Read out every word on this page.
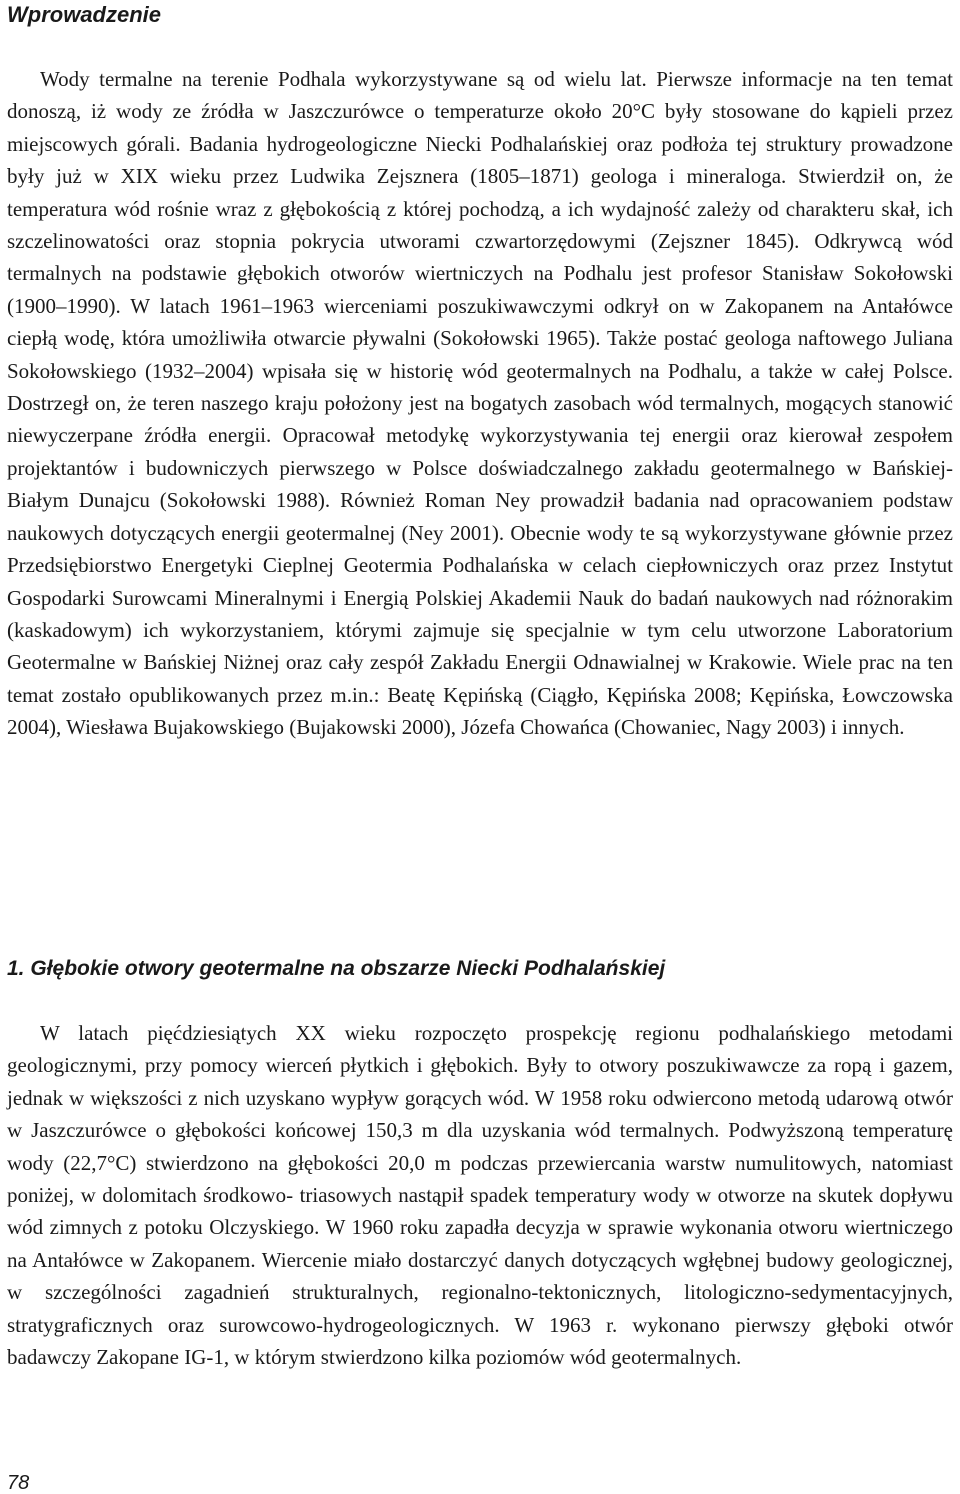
Wprowadzenie

Wody termalne na terenie Podhala wykorzystywane są od wielu lat. Pierwsze informacje na ten temat donoszą, iż wody ze źródła w Jaszczurówce o temperaturze około 20°C były stosowane do kąpieli przez miejscowych górali. Badania hydrogeologiczne Niecki Podhalańskiej oraz podłoża tej struktury prowadzone były już w XIX wieku przez Ludwika Zejsznera (1805–1871) geologa i mineraloga. Stwierdził on, że temperatura wód rośnie wraz z głębokością z której pochodzą, a ich wydajność zależy od charakteru skał, ich szczelinowatości oraz stopnia pokrycia utworami czwartorzędowymi (Zejszner 1845). Odkrywcą wód termalnych na podstawie głębokich otworów wiertniczych na Podhalu jest profesor Stanisław Sokołowski (1900–1990). W latach 1961–1963 wierceniami poszukiwawczymi odkrył on w Zakopanem na Antałówce ciepłą wodę, która umożliwiła otwarcie pływalni (Sokołowski 1965). Także postać geologa naftowego Juliana Sokołowskiego (1932–2004) wpisała się w historię wód geotermalnych na Podhalu, a także w całej Polsce. Dostrzegł on, że teren naszego kraju położony jest na bogatych zasobach wód termalnych, mogących stanowić niewyczerpane źródła energii. Opracował metodykę wykorzystywania tej energii oraz kierował zespołem projektantów i budowniczych pierwszego w Polsce doświadczalnego zakładu geotermalnego w Bańskiej-Białym Dunajcu (Sokołowski 1988). Również Roman Ney prowadził badania nad opracowaniem podstaw naukowych dotyczących energii geotermalnej (Ney 2001). Obecnie wody te są wykorzystywane głównie przez Przedsiębiorstwo Energetyki Cieplnej Geotermia Podhalańska w celach ciepłowniczych oraz przez Instytut Gospodarki Surowcami Mineralnymi i Energią Polskiej Akademii Nauk do badań naukowych nad różnorakim (kaskadowym) ich wykorzystaniem, którymi zajmuje się specjalnie w tym celu utworzone Laboratorium Geotermalne w Bańskiej Niżnej oraz cały zespół Zakładu Energii Odnawialnej w Krakowie. Wiele prac na ten temat zostało opublikowanych przez m.in.: Beatę Kępińską (Ciągło, Kępińska 2008; Kępińska, Łowczowska 2004), Wiesława Bujakowskiego (Bujakowski 2000), Józefa Chowańca (Chowaniec, Nagy 2003) i innych.

1. Głębokie otwory geotermalne na obszarze Niecki Podhalańskiej

W latach pięćdziesiątych XX wieku rozpoczęto prospekcję regionu podhalańskiego metodami geologicznymi, przy pomocy wierceń płytkich i głębokich. Były to otwory poszukiwawcze za ropą i gazem, jednak w większości z nich uzyskano wypływ gorących wód. W 1958 roku odwiercono metodą udarową otwór w Jaszczurówce o głębokości końcowej 150,3 m dla uzyskania wód termalnych. Podwyższoną temperaturę wody (22,7°C) stwierdzono na głębokości 20,0 m podczas przewiercania warstw numulitowych, natomiast poniżej, w dolomitach środkowo- triasowych nastąpił spadek temperatury wody w otworze na skutek dopływu wód zimnych z potoku Olczyskiego. W 1960 roku zapadła decyzja w sprawie wykonania otworu wiertniczego na Antałówce w Zakopanem. Wiercenie miało dostarczyć danych dotyczących wgłębnej budowy geologicznej, w szczególności zagadnień strukturalnych, regionalno-tektonicznych, litologiczno-sedymentacyjnych, stratygraficznych oraz surowcowo-hydrogeologicznych. W 1963 r. wykonano pierwszy głęboki otwór badawczy Zakopane IG-1, w którym stwierdzono kilka poziomów wód geotermalnych.

78
